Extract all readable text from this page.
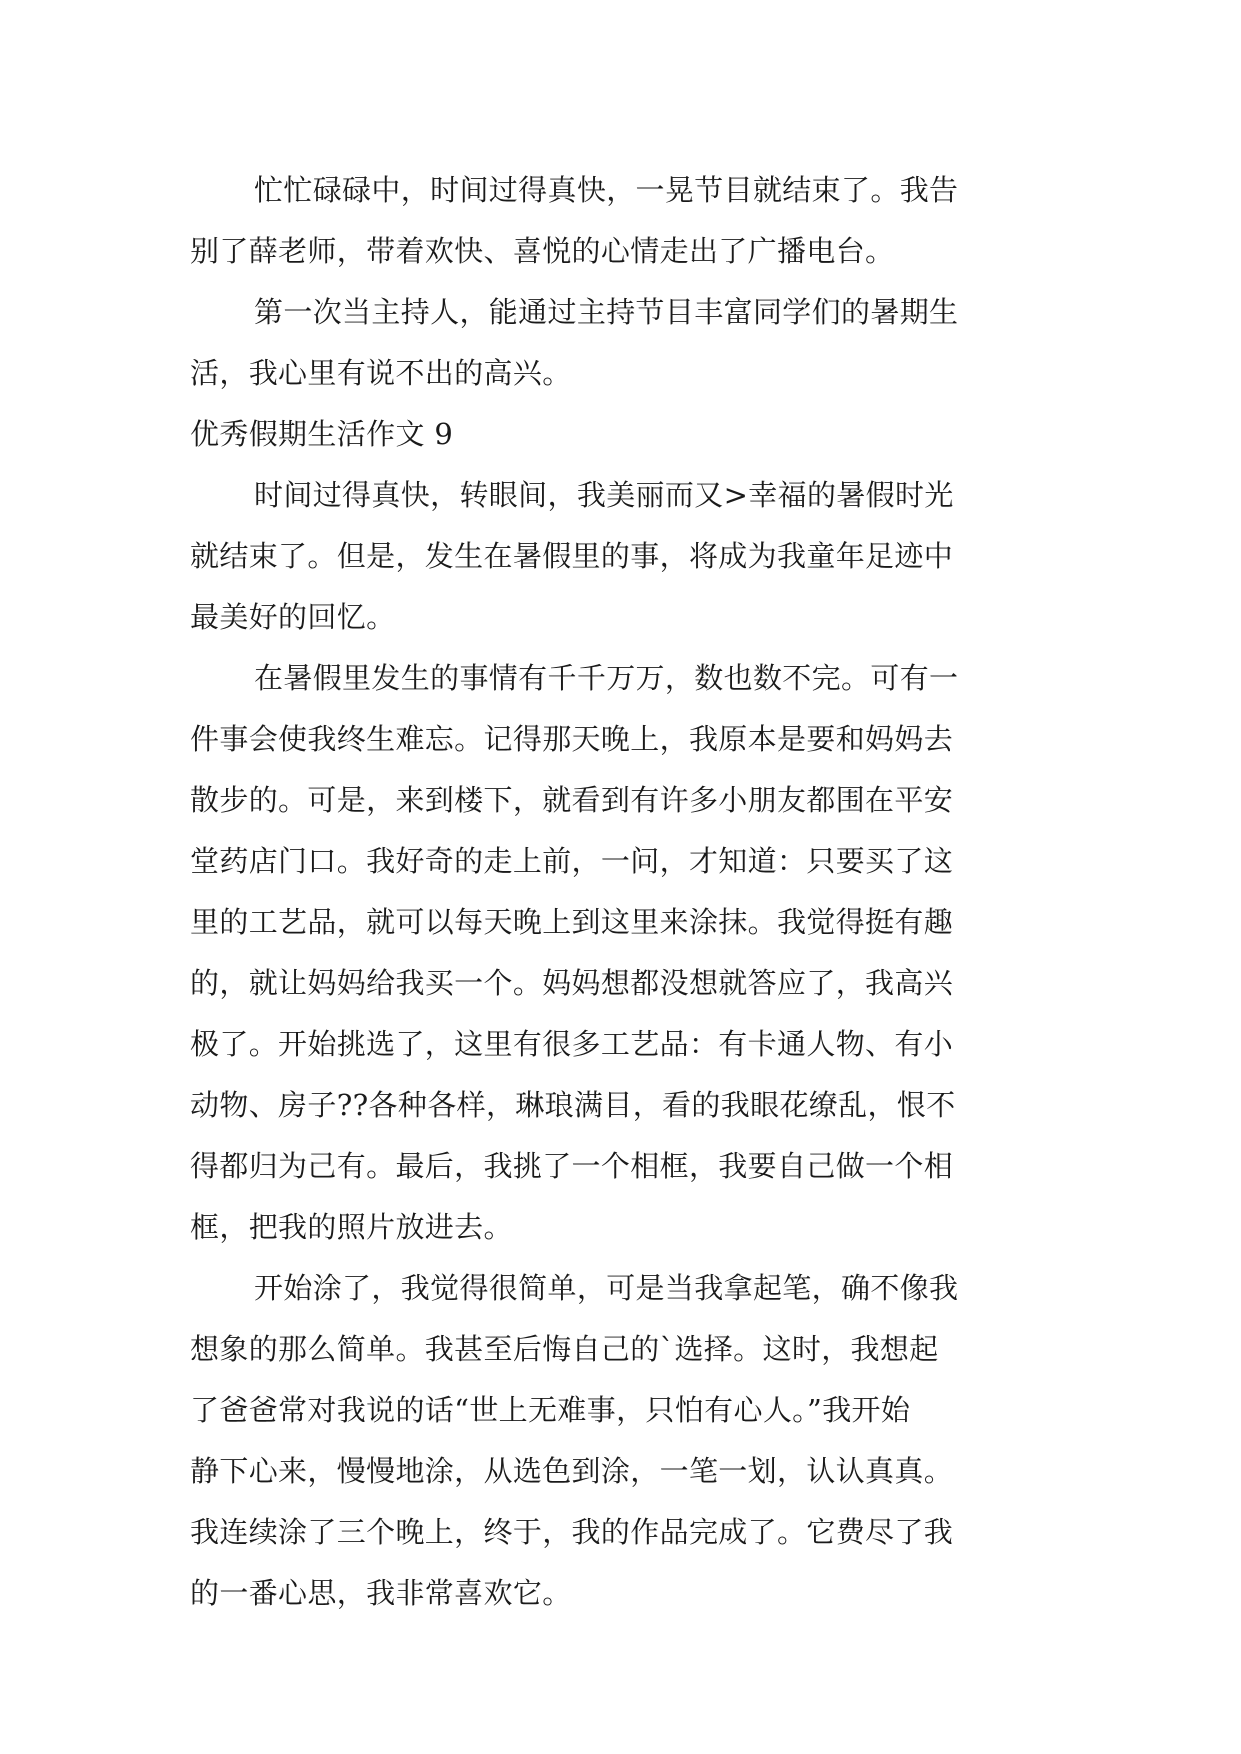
忙忙碌碌中，时间过得真快，一晃节目就结束了。我告
别了薛老师，带着欢快、喜悦的心情走出了广播电台。
第一次当主持人，能通过主持节目丰富同学们的暑期生
活，我心里有说不出的高兴。
优秀假期生活作文 9
时间过得真快，转眼间，我美丽而又>幸福的暑假时光
就结束了。但是，发生在暑假里的事，将成为我童年足迹中
最美好的回忆。
在暑假里发生的事情有千千万万，数也数不完。可有一
件事会使我终生难忘。记得那天晚上，我原本是要和妈妈去
散步的。可是，来到楼下，就看到有许多小朋友都围在平安
堂药店门口。我好奇的走上前，一问，才知道：只要买了这
里的工艺品，就可以每天晚上到这里来涂抹。我觉得挺有趣
的，就让妈妈给我买一个。妈妈想都没想就答应了，我高兴
极了。开始挑选了，这里有很多工艺品：有卡通人物、有小
动物、房子??各种各样，琳琅满目，看的我眼花缭乱，恨不
得都归为己有。最后，我挑了一个相框，我要自己做一个相
框，把我的照片放进去。
开始涂了，我觉得很简单，可是当我拿起笔，确不像我
想象的那么简单。我甚至后悔自己的`选择。这时，我想起
了爸爸常对我说的话“世上无难事，只怕有心人。”我开始
静下心来，慢慢地涂，从选色到涂，一笔一划，认认真真。
我连续涂了三个晚上，终于，我的作品完成了。它费尽了我
的一番心思，我非常喜欢它。
